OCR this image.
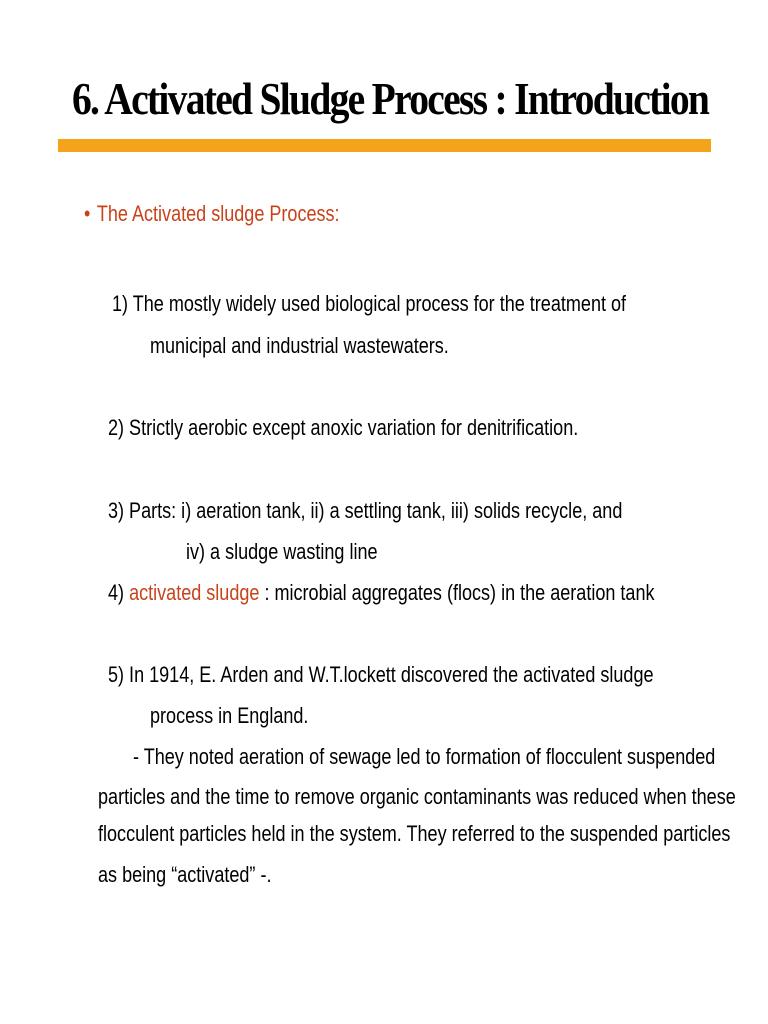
6. Activated Sludge Process : Introduction
• The Activated sludge Process:
1) The mostly widely used biological process for the treatment of
municipal and industrial wastewaters.
2) Strictly aerobic except anoxic variation for denitrification.
3) Parts: i) aeration tank, ii) a settling tank, iii) solids recycle, and
iv) a sludge wasting line
4) activated sludge : microbial aggregates (flocs) in the aeration tank
5) In 1914, E. Arden and W.T.lockett discovered the activated sludge
process in England.
- They noted aeration of sewage led to formation of flocculent suspended
particles and the time to remove organic contaminants was reduced when these
flocculent particles held in the system. They referred to the suspended particles
as being “activated” -.
